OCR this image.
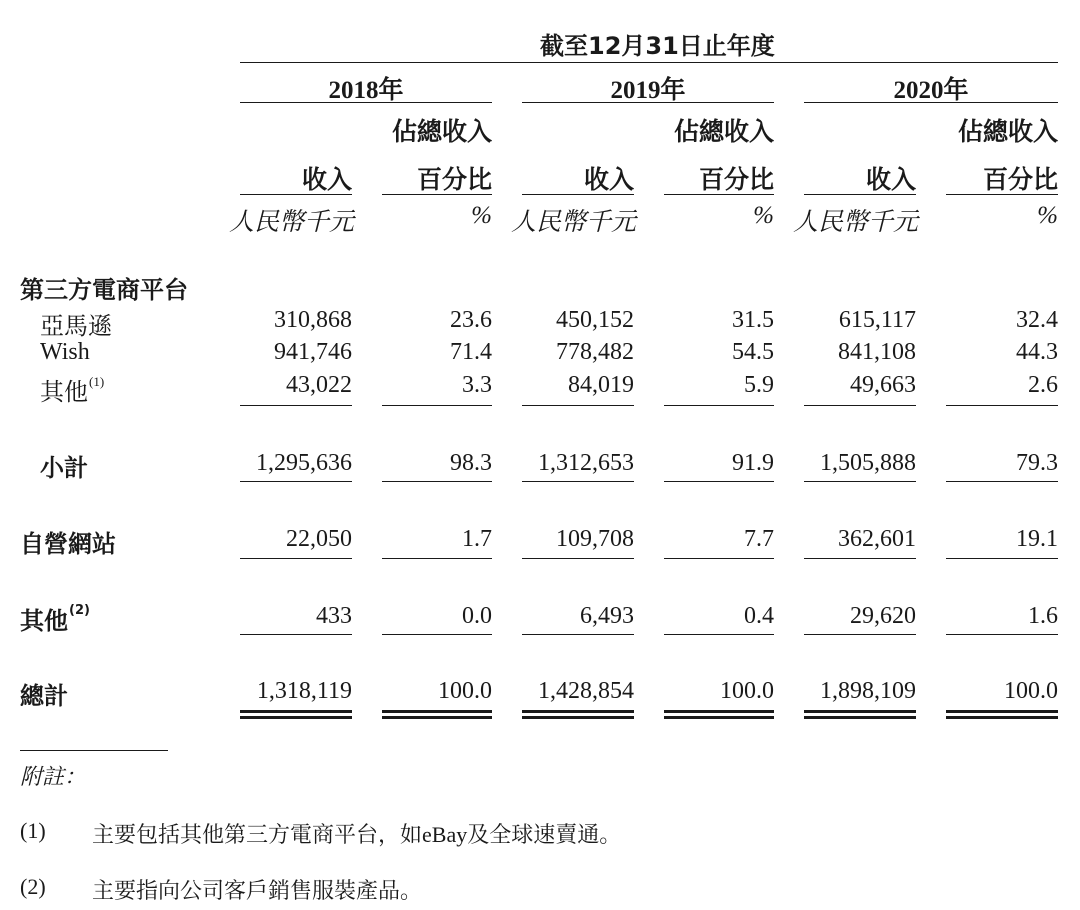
截至12月31日止年度
2018年	2019年	2020年
佔總收入	佔總收入	佔總收入
收入	百分比	收入	百分比	收入	百分比
人民幣千元	% 人民幣千元	% 人民幣千元	%
第三方電商平台
亞馬遜	310,868	23.6	450,152	31.5	615,117	32.4
Wish	941,746	71.4	778,482	54.5	841,108	44.3
其他$^{(1)}$	43,022	3.3	84,019	5.9	49,663	2.6
小計	1,295,636	98.3	1,312,653	91.9	1,505,888	79.3
自營網站	22,050	1.7	109,708	7.7	362,601	19.1
其他$^{(2)}$	433	0.0	6,493	0.4	29,620	1.6
總計	1,318,119	100.0	1,428,854	100.0	1,898,109	100.0
附註：
(1) 主要包括其他第三方電商平台，如eBay及全球速賣通。
(2) 主要指向公司客戶銷售服裝產品。
